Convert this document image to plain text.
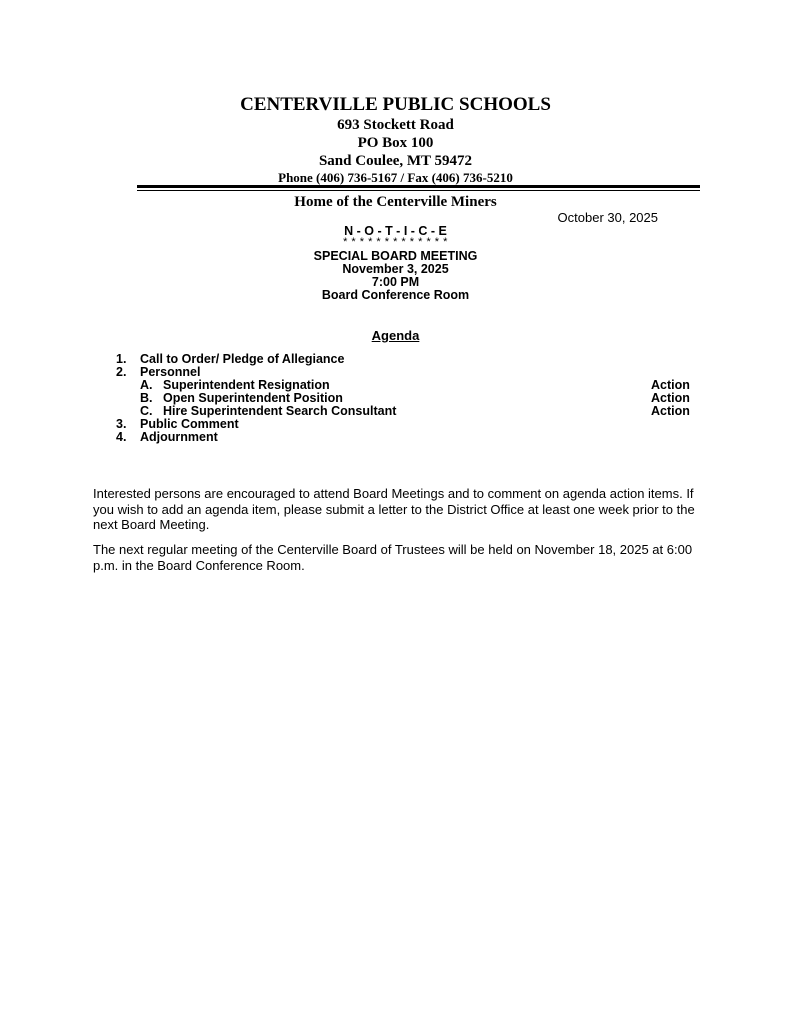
CENTERVILLE PUBLIC SCHOOLS
693 Stockett Road
PO Box 100
Sand Coulee, MT 59472
Phone (406) 736-5167 / Fax (406) 736-5210
Home of the Centerville Miners
October 30, 2025
N - O - T - I - C - E
* * * * * * * * * * * * *
SPECIAL BOARD MEETING
November 3, 2025
7:00 PM
Board Conference Room
Agenda
1. Call to Order/ Pledge of Allegiance
2. Personnel
A. Superintendent Resignation	Action
B. Open Superintendent Position	Action
C. Hire Superintendent Search Consultant	Action
3. Public Comment
4. Adjournment

Interested persons are encouraged to attend Board Meetings and to comment on agenda action items. If you wish to add an agenda item, please submit a letter to the District Office at least one week prior to the next Board Meeting.

The next regular meeting of the Centerville Board of Trustees will be held on November 18, 2025 at 6:00 p.m. in the Board Conference Room.
